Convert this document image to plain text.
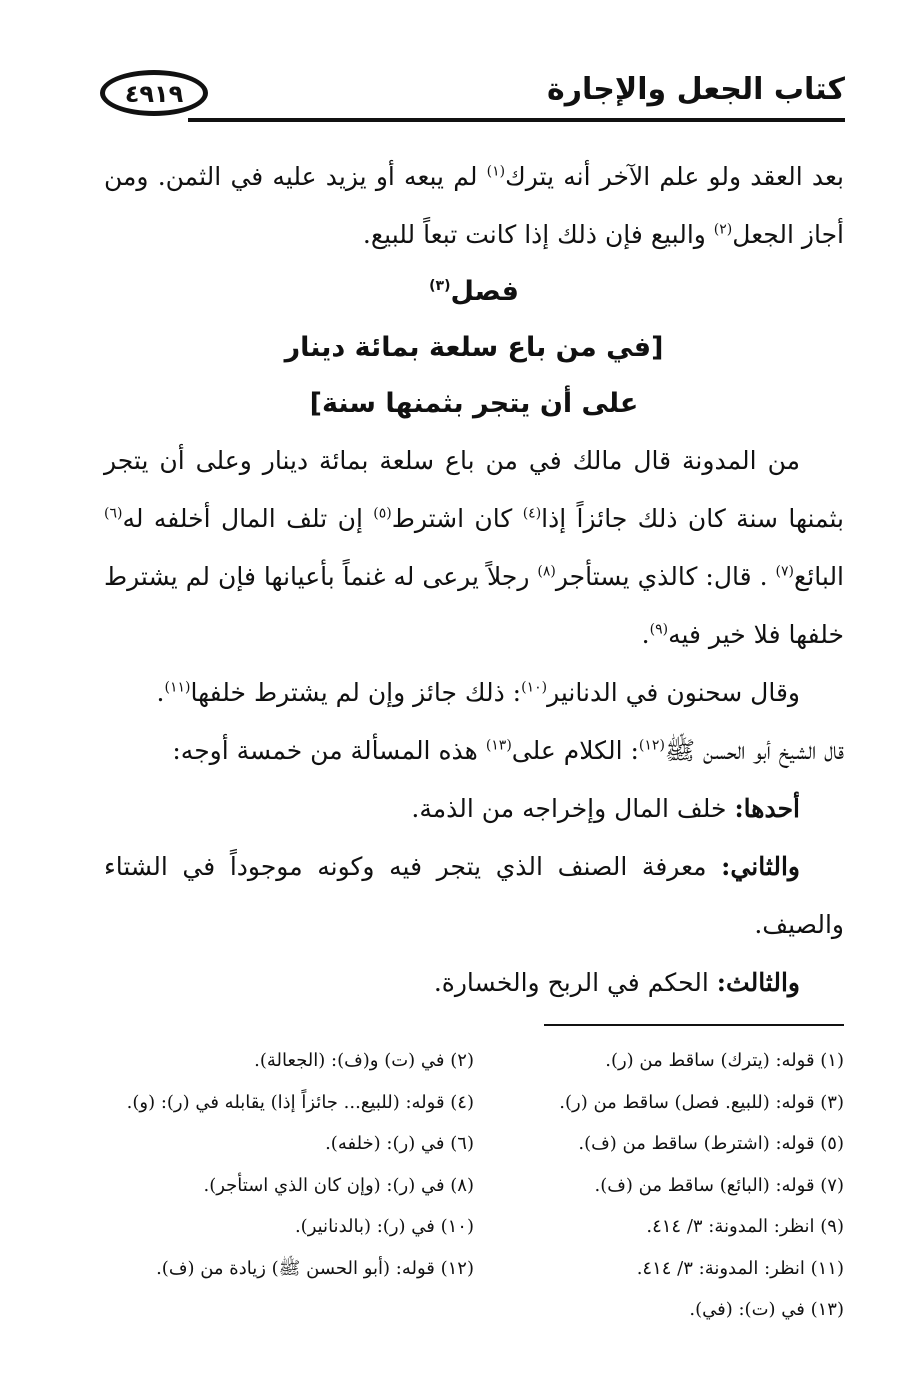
كتاب الجعل والإجارة
٤٩١٩

بعد العقد ولو علم الآخر أنه يترك$^{(١)}$ لم يبعه أو يزيد عليه في الثمن. ومن أجاز الجعل$^{(٢)}$ والبيع فإن ذلك إذا كانت تبعاً للبيع.

فصل$^{(٣)}$

[في من باع سلعة بمائة دينار

على أن يتجر بثمنها سنة]

من المدونة قال مالك في من باع سلعة بمائة دينار وعلى أن يتجر بثمنها سنة كان ذلك جائزاً إذا$^{(٤)}$ كان اشترط$^{(٥)}$ إن تلف المال أخلفه له$^{(٦)}$ البائع$^{(٧)}$ . قال: كالذي يستأجر$^{(٨)}$ رجلاً يرعى له غنماً بأعيانها فإن لم يشترط خلفها فلا خير فيه$^{(٩)}$.

وقال سحنون في الدنانير$^{(١٠)}$: ذلك جائز وإن لم يشترط خلفها$^{(١١)}$.

قال الشيخ أبو الحسن ﷺ$^{(١٢)}$: الكلام على$^{(١٣)}$ هذه المسألة من خمسة أوجه:

أحدها: خلف المال وإخراجه من الذمة.

والثاني: معرفة الصنف الذي يتجر فيه وكونه موجوداً في الشتاء والصيف.

والثالث: الحكم في الربح والخسارة.

(١) قوله: (يترك) ساقط من (ر).
(٢) في (ت) و(ف): (الجعالة).
(٣) قوله: (للبيع. فصل) ساقط من (ر).
(٤) قوله: (للبيع... جائزاً إذا) يقابله في (ر): (و).
(٥) قوله: (اشترط) ساقط من (ف).
(٦) في (ر): (خلفه).
(٧) قوله: (البائع) ساقط من (ف).
(٨) في (ر): (وإن كان الذي استأجر).
(٩) انظر: المدونة: ٣/ ٤١٤.
(١٠) في (ر): (بالدنانير).
(١١) انظر: المدونة: ٣/ ٤١٤.
(١٢) قوله: (أبو الحسن ﷺ) زيادة من (ف).
(١٣) في (ت): (في).
